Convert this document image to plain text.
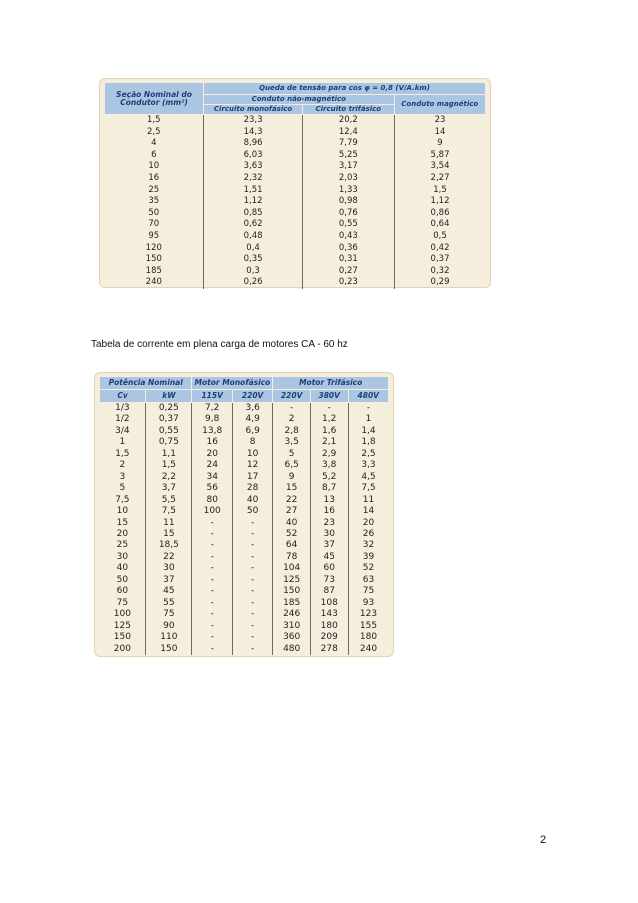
Seção Nominal do Condutor (mm²)	Queda de tensão para cos φ = 0,8 (V/A.km)		
	Conduto não-magnético		Conduto magnético
	Circuito monofásico	Circuito trifásico	
1,5	23,3	20,2	23
2,5	14,3	12,4	14
4	8,96	7,79	9
6	6,03	5,25	5,87
10	3,63	3,17	3,54
16	2,32	2,03	2,27
25	1,51	1,33	1,5
35	1,12	0,98	1,12
50	0,85	0,76	0,86
70	0,62	0,55	0,64
95	0,48	0,43	0,5
120	0,4	0,36	0,42
150	0,35	0,31	0,37
185	0,3	0,27	0,32
240	0,26	0,23	0,29
Tabela de corrente em plena carga de motores CA - 60 hz
Potência Nominal		Motor Monofásico		Motor Trifásico		
Cv	kW	115V	220V	220V	380V	480V
1/3	0,25	7,2	3,6	-	-	-
1/2	0,37	9,8	4,9	2	1,2	1
3/4	0,55	13,8	6,9	2,8	1,6	1,4
1	0,75	16	8	3,5	2,1	1,8
1,5	1,1	20	10	5	2,9	2,5
2	1,5	24	12	6,5	3,8	3,3
3	2,2	34	17	9	5,2	4,5
5	3,7	56	28	15	8,7	7,5
7,5	5,5	80	40	22	13	11
10	7,5	100	50	27	16	14
15	11	-	-	40	23	20
20	15	-	-	52	30	26
25	18,5	-	-	64	37	32
30	22	-	-	78	45	39
40	30	-	-	104	60	52
50	37	-	-	125	73	63
60	45	-	-	150	87	75
75	55	-	-	185	108	93
100	75	-	-	246	143	123
125	90	-	-	310	180	155
150	110	-	-	360	209	180
200	150	-	-	480	278	240
2
